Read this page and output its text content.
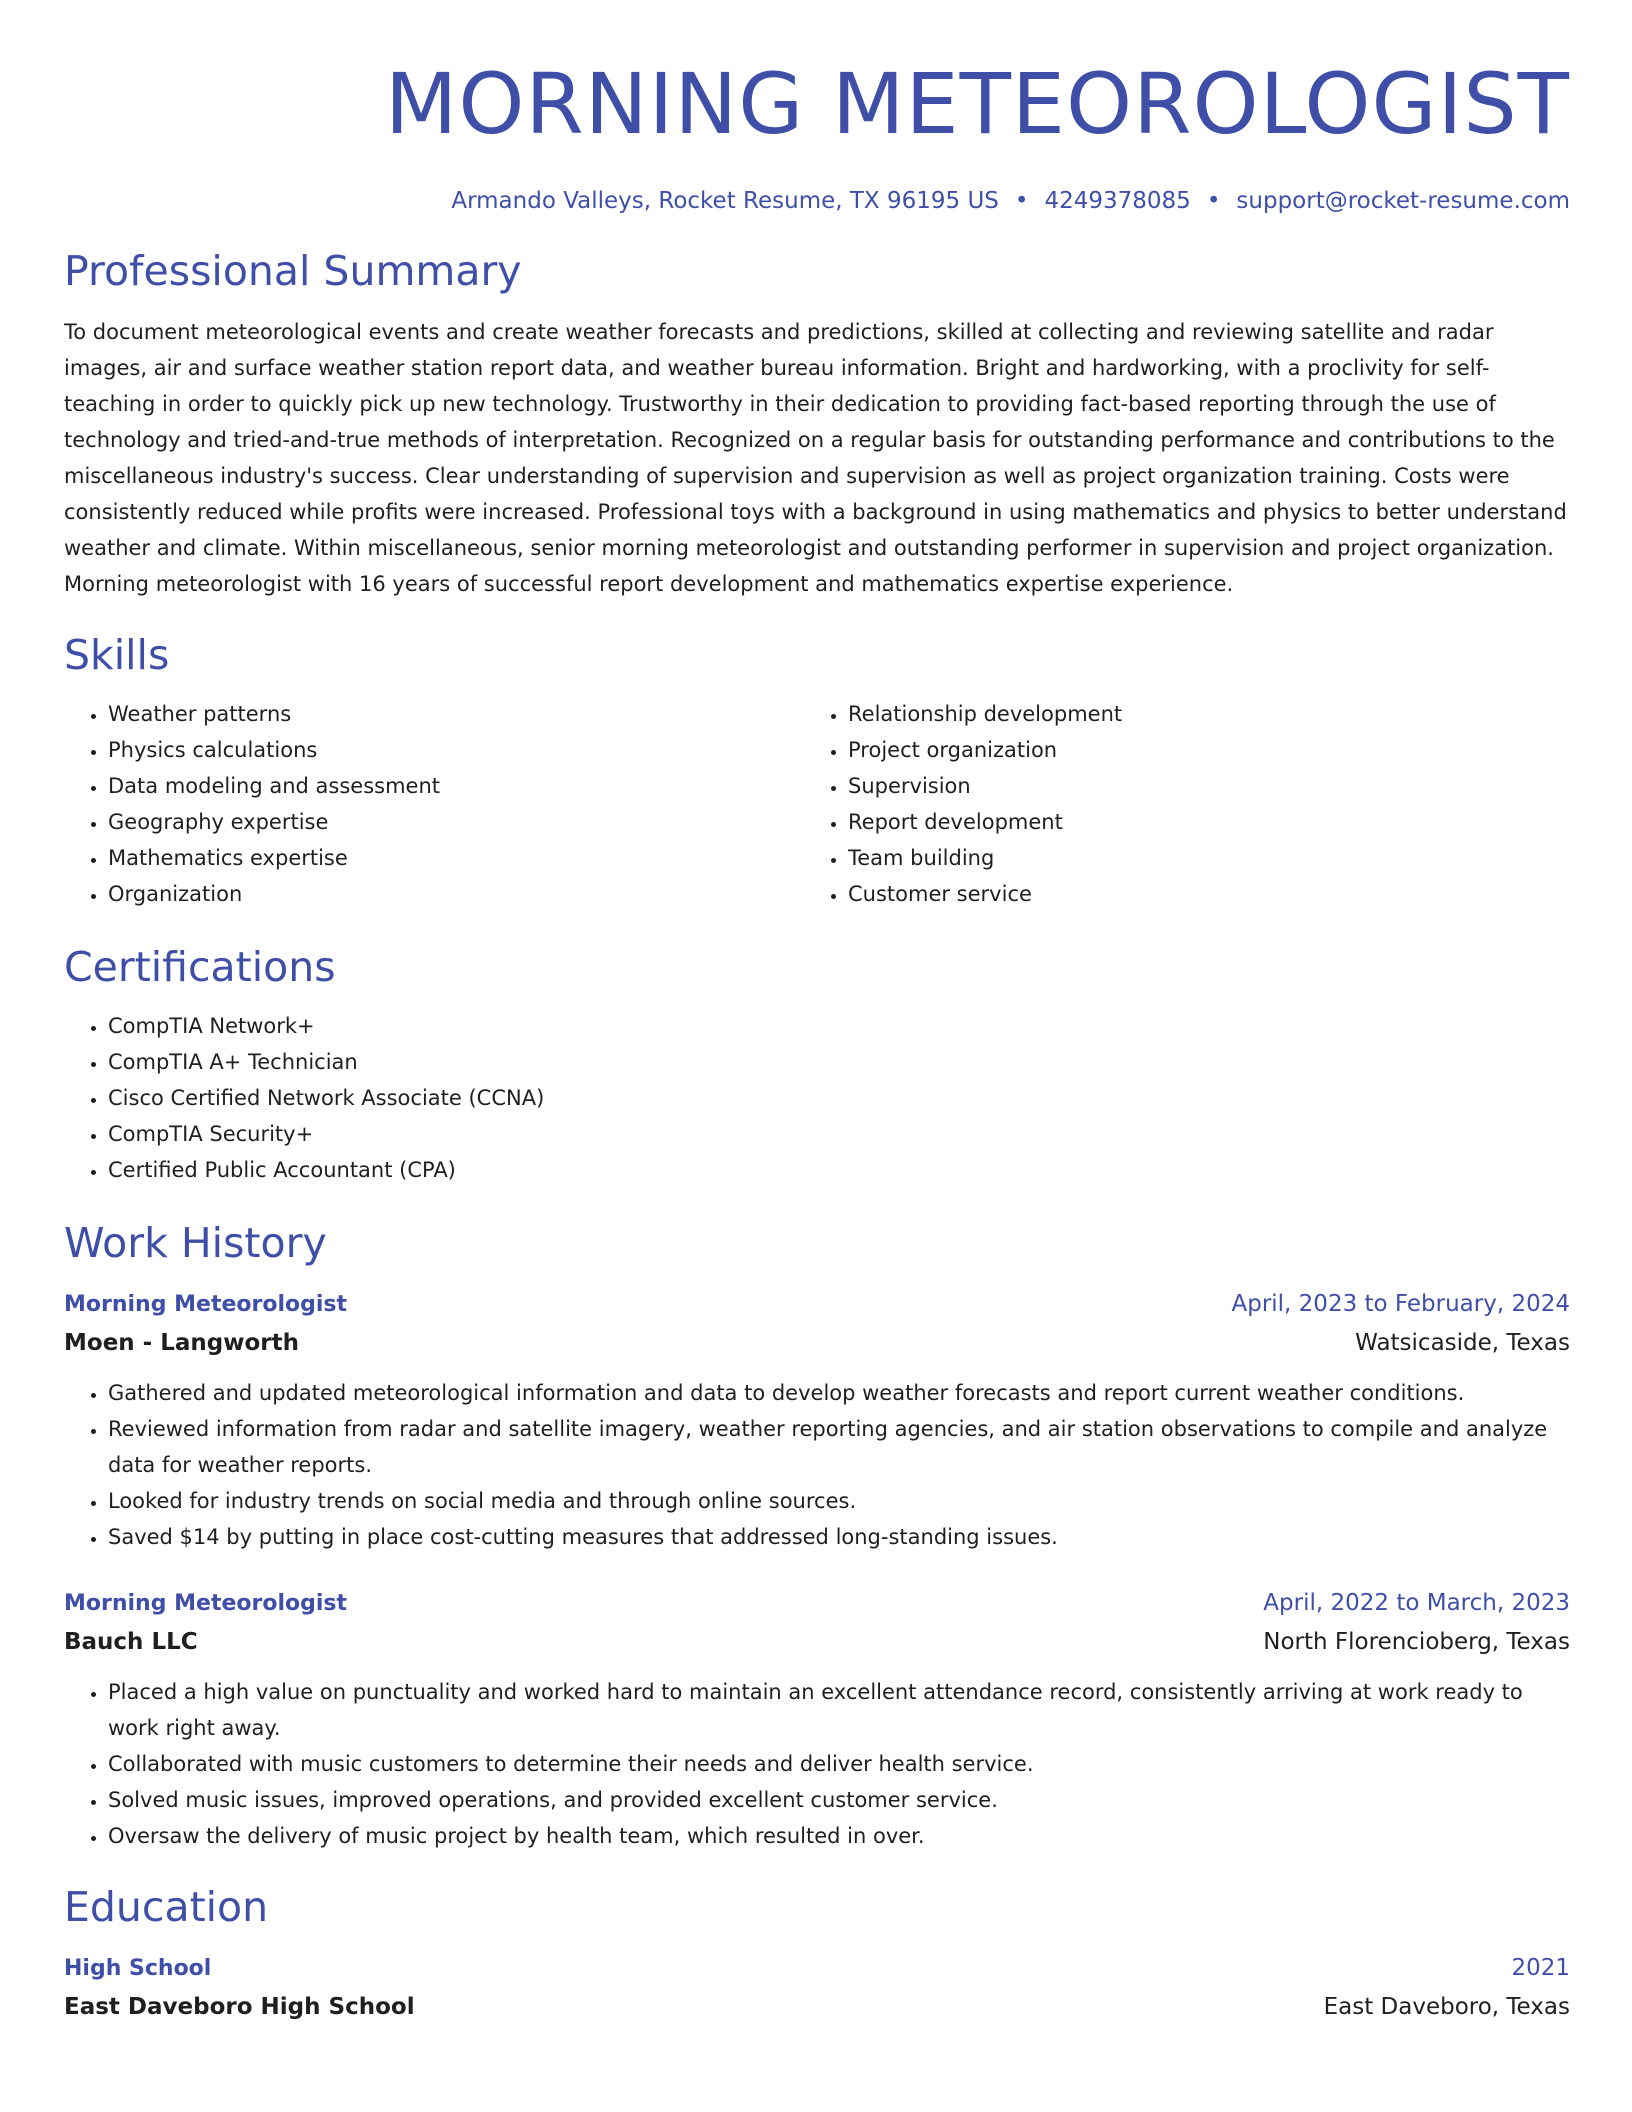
MORNING METEOROLOGIST
Armando Valleys, Rocket Resume, TX 96195 US • 4249378085 • support@rocket-resume.com
Professional Summary
To document meteorological events and create weather forecasts and predictions, skilled at collecting and reviewing satellite and radar images, air and surface weather station report data, and weather bureau information. Bright and hardworking, with a proclivity for self-teaching in order to quickly pick up new technology. Trustworthy in their dedication to providing fact-based reporting through the use of technology and tried-and-true methods of interpretation. Recognized on a regular basis for outstanding performance and contributions to the miscellaneous industry's success. Clear understanding of supervision and supervision as well as project organization training. Costs were consistently reduced while profits were increased. Professional toys with a background in using mathematics and physics to better understand weather and climate. Within miscellaneous, senior morning meteorologist and outstanding performer in supervision and project organization. Morning meteorologist with 16 years of successful report development and mathematics expertise experience.
Skills
• Weather patterns
• Physics calculations
• Data modeling and assessment
• Geography expertise
• Mathematics expertise
• Organization
• Relationship development
• Project organization
• Supervision
• Report development
• Team building
• Customer service
Certifications
• CompTIA Network+
• CompTIA A+ Technician
• Cisco Certified Network Associate (CCNA)
• CompTIA Security+
• Certified Public Accountant (CPA)
Work History
Morning Meteorologist	April, 2023 to February, 2024
Moen - Langworth	Watsicaside, Texas
• Gathered and updated meteorological information and data to develop weather forecasts and report current weather conditions.
• Reviewed information from radar and satellite imagery, weather reporting agencies, and air station observations to compile and analyze data for weather reports.
• Looked for industry trends on social media and through online sources.
• Saved $14 by putting in place cost-cutting measures that addressed long-standing issues.
Morning Meteorologist	April, 2022 to March, 2023
Bauch LLC	North Florencioberg, Texas
• Placed a high value on punctuality and worked hard to maintain an excellent attendance record, consistently arriving at work ready to work right away.
• Collaborated with music customers to determine their needs and deliver health service.
• Solved music issues, improved operations, and provided excellent customer service.
• Oversaw the delivery of music project by health team, which resulted in over.
Education
High School	2021
East Daveboro High School	East Daveboro, Texas
